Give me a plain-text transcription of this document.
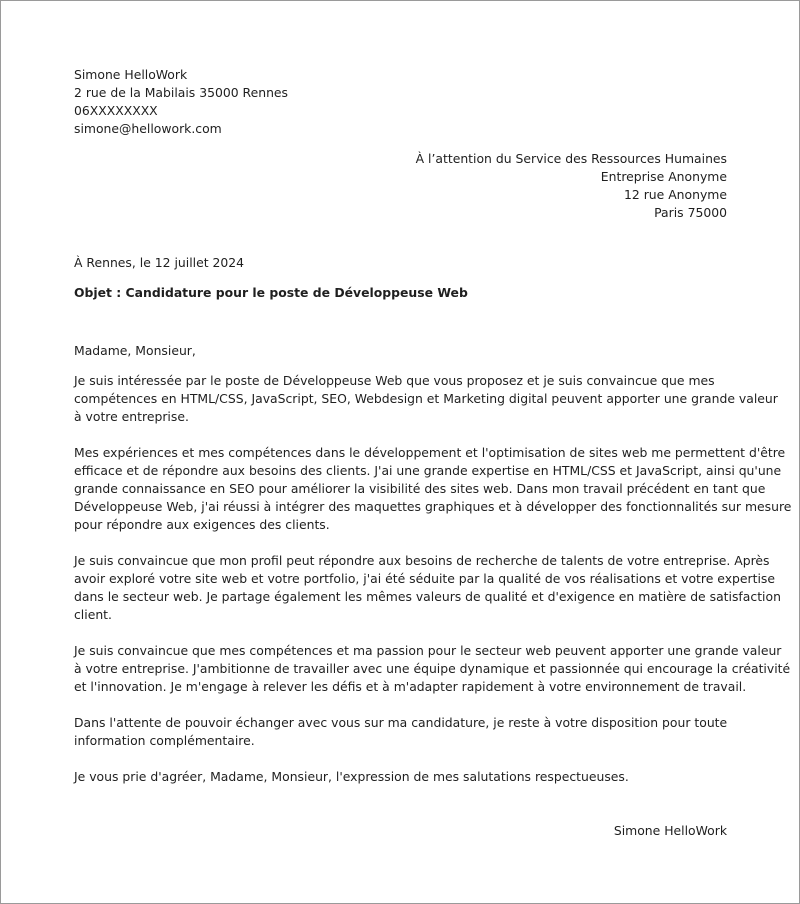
Simone HelloWork
2 rue de la Mabilais 35000 Rennes
06XXXXXXXX
simone@hellowork.com
À l’attention du Service des Ressources Humaines
Entreprise Anonyme
12 rue Anonyme
Paris 75000
À Rennes, le 12 juillet 2024
Objet : Candidature pour le poste de Développeuse Web
Madame, Monsieur,
Je suis intéressée par le poste de Développeuse Web que vous proposez et je suis convaincue que mes
compétences en HTML/CSS, JavaScript, SEO, Webdesign et Marketing digital peuvent apporter une grande valeur
à votre entreprise.
Mes expériences et mes compétences dans le développement et l'optimisation de sites web me permettent d'être
efficace et de répondre aux besoins des clients. J'ai une grande expertise en HTML/CSS et JavaScript, ainsi qu'une
grande connaissance en SEO pour améliorer la visibilité des sites web. Dans mon travail précédent en tant que
Développeuse Web, j'ai réussi à intégrer des maquettes graphiques et à développer des fonctionnalités sur mesure
pour répondre aux exigences des clients.
Je suis convaincue que mon profil peut répondre aux besoins de recherche de talents de votre entreprise. Après
avoir exploré votre site web et votre portfolio, j'ai été séduite par la qualité de vos réalisations et votre expertise
dans le secteur web. Je partage également les mêmes valeurs de qualité et d'exigence en matière de satisfaction
client.
Je suis convaincue que mes compétences et ma passion pour le secteur web peuvent apporter une grande valeur
à votre entreprise. J'ambitionne de travailler avec une équipe dynamique et passionnée qui encourage la créativité
et l'innovation. Je m'engage à relever les défis et à m'adapter rapidement à votre environnement de travail.
Dans l'attente de pouvoir échanger avec vous sur ma candidature, je reste à votre disposition pour toute
information complémentaire.
Je vous prie d'agréer, Madame, Monsieur, l'expression de mes salutations respectueuses.
Simone HelloWork
